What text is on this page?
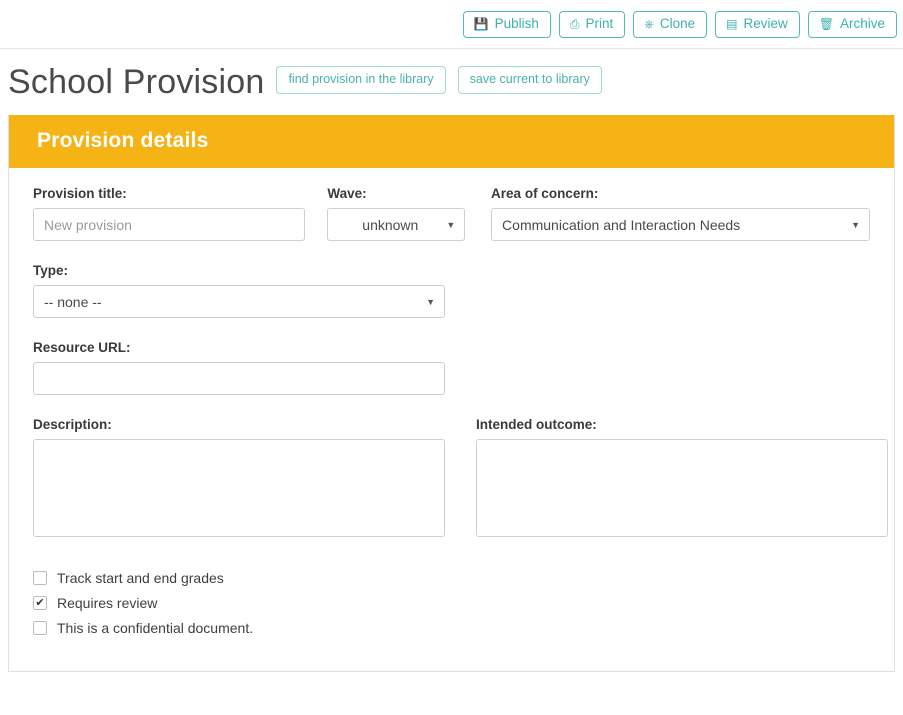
💾 Publish	⎙ Print	⎈ Clone	▤ Review	🗑 Archive
School Provision	find provision in the library	save current to library
Provision details
Provision title:
New provision	Wave:
unknown	▼
Area of concern:
Communication and Interaction Needs	▼
Type:
-- none --	▼
Resource URL:
Description:	Intended outcome:
Track start and end grades
✔ Requires review
This is a confidential document.
